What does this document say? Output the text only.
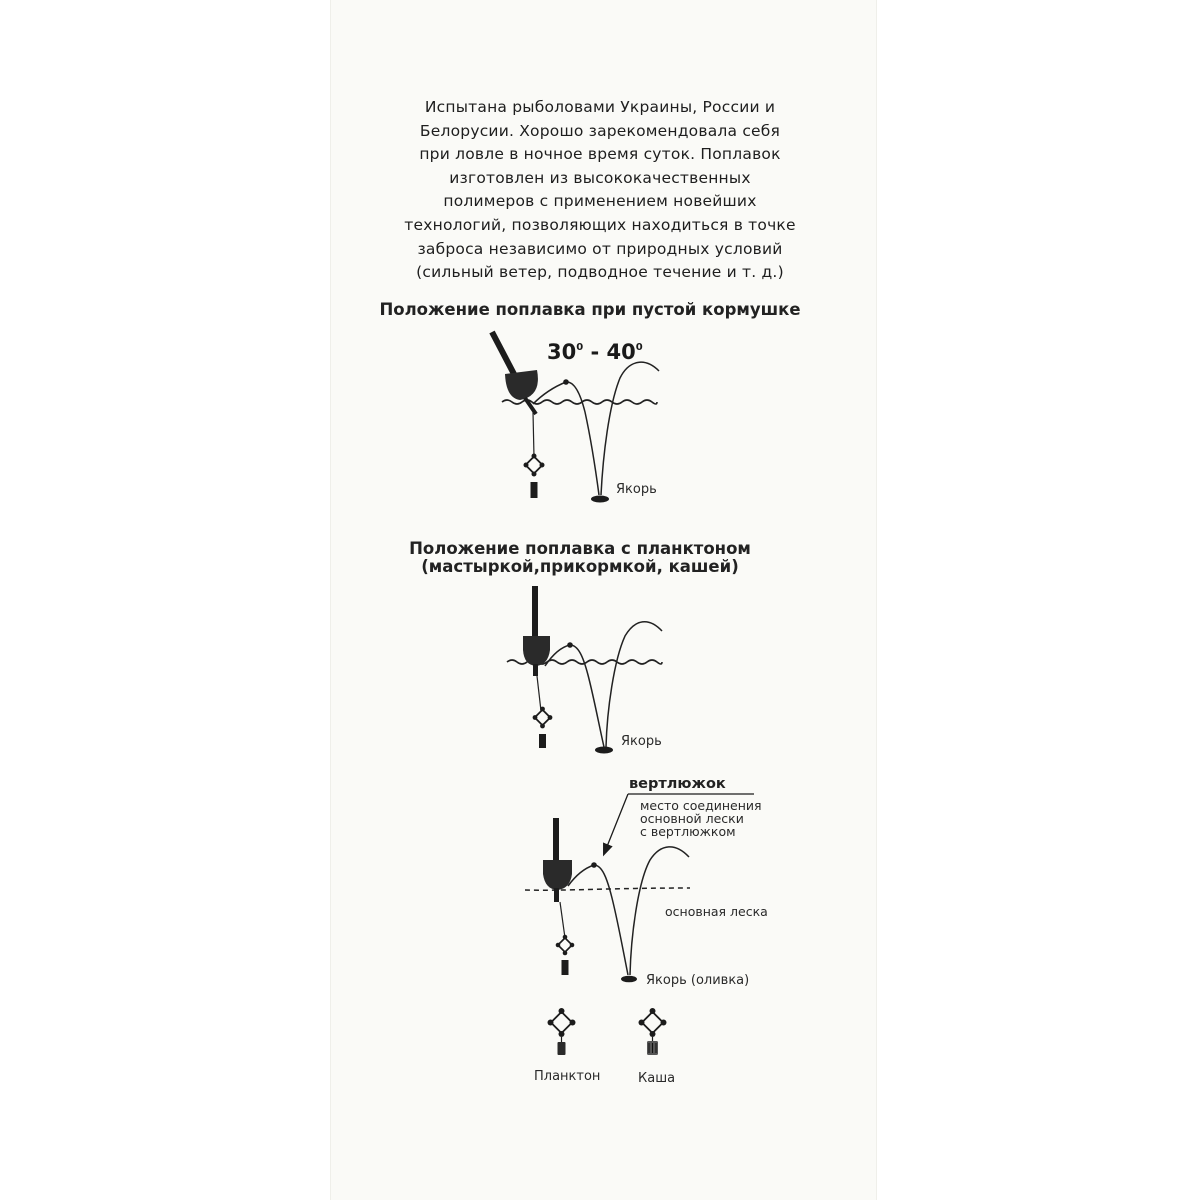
Испытана рыболовами Украины, России и
Белорусии. Хорошо зарекомендовала себя
при ловле в ночное время суток. Поплавок
изготовлен из высококачественных
полимеров с применением новейших
технологий, позволяющих находиться в точке
заброса независимо от природных условий
(сильный ветер, подводное течение и т. д.)
Положение поплавка при пустой кормушке
Положение поплавка с планктоном
(мастыркой,прикормкой, кашей)
$30^0 - 40^0$
Якорь
Якорь
вертлюжок
место соединения
основной лески
с вертлюжком
основная леска
Якорь (оливка)
Планктон	Каша
